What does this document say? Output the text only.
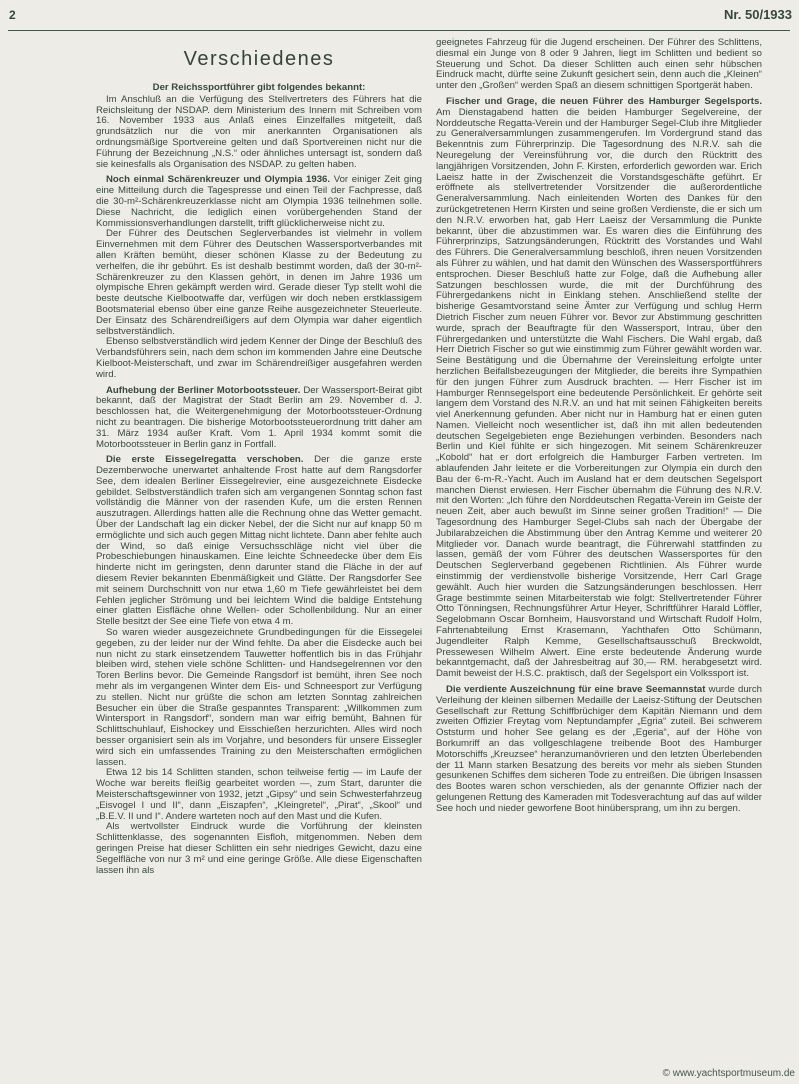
2	Nr. 50/1933
Verschiedenes

Der Reichssportführer gibt folgendes bekannt:

Im Anschluß an die Verfügung des Stellvertreters des Führers hat die Reichsleitung der NSDAP. dem Ministerium des Innern mit Schreiben vom 16. November 1933 aus Anlaß eines Einzelfalles mitgeteilt, daß grundsätzlich nur die von mir anerkannten Organisationen als ordnungsmäßige Sportvereine gelten und daß Sportvereinen nicht nur die Führung der Bezeichnung „N.S.“ oder ähnliches untersagt ist, sondern daß sie keinesfalls als Organisation des NSDAP. zu gelten haben.

Noch einmal Schärenkreuzer und Olympia 1936. Vor einiger Zeit ging eine Mitteilung durch die Tagespresse und einen Teil der Fachpresse, daß die 30-m²-Schärenkreuzerklasse nicht am Olympia 1936 teilnehmen solle. Diese Nachricht, die lediglich einen vorübergehenden Stand der Kommissionsverhandlungen darstellt, trifft glücklicherweise nicht zu.

Der Führer des Deutschen Seglerverbandes ist vielmehr in vollem Einvernehmen mit dem Führer des Deutschen Wassersportverbandes mit allen Kräften bemüht, dieser schönen Klasse zu der Bedeutung zu verhelfen, die ihr gebührt. Es ist deshalb bestimmt worden, daß der 30-m²-Schärenkreuzer zu den Klassen gehört, in denen im Jahre 1936 um olympische Ehren gekämpft werden wird. Gerade dieser Typ stellt wohl die beste deutsche Kielbootwaffe dar, verfügen wir doch neben erstklassigem Bootsmaterial ebenso über eine ganze Reihe ausgezeichneter Steuerleute. Der Einsatz des Schärendreißigers auf dem Olympia war daher eigentlich selbstverständlich.

Ebenso selbstverständlich wird jedem Kenner der Dinge der Beschluß des Verbandsführers sein, nach dem schon im kommenden Jahre eine Deutsche Kielboot-Meisterschaft, und zwar im Schärendreißiger ausgefahren werden wird.

Aufhebung der Berliner Motorbootssteuer. Der Wassersport-Beirat gibt bekannt, daß der Magistrat der Stadt Berlin am 29. November d. J. beschlossen hat, die Weitergenehmigung der Motorbootssteuer-Ordnung nicht zu beantragen. Die bisherige Motorbootssteuerordnung tritt daher am 31. März 1934 außer Kraft. Vom 1. April 1934 kommt somit die Motorbootssteuer in Berlin ganz in Fortfall.

Die erste Eissegelregatta verschoben. Der die ganze erste Dezemberwoche unerwartet anhaltende Frost hatte auf dem Rangsdorfer See, dem idealen Berliner Eissegelrevier, eine ausgezeichnete Eisdecke gebildet. Selbstverständlich trafen sich am vergangenen Sonntag schon fast vollständig die Männer von der rasenden Kufe, um die ersten Rennen auszutragen. Allerdings hatten alle die Rechnung ohne das Wetter gemacht. Über der Landschaft lag ein dicker Nebel, der die Sicht nur auf knapp 50 m ermöglichte und sich auch gegen Mittag nicht lichtete. Dann aber fehlte auch der Wind, so daß einige Versuchsschläge nicht viel über die Probeschiebungen hinauskamen. Eine leichte Schneedecke über dem Eis hinderte nicht im geringsten, denn darunter stand die Fläche in der auf diesem Revier bekannten Ebenmäßigkeit und Glätte. Der Rangsdorfer See mit seinem Durchschnitt von nur etwa 1,60 m Tiefe gewährleistet bei dem Fehlen jeglicher Strömung und bei leichtem Wind die baldige Entstehung einer glatten Eisfläche ohne Wellen- oder Schollenbildung. Nur an einer Stelle besitzt der See eine Tiefe von etwa 4 m.

So waren wieder ausgezeichnete Grundbedingungen für die Eissegelei gegeben, zu der leider nur der Wind fehlte. Da aber die Eisdecke auch bei nun nicht zu stark einsetzendem Tauwetter hoffentlich bis in das Frühjahr bleiben wird, stehen viele schöne Schlitten- und Handsegelrennen vor den Toren Berlins bevor. Die Gemeinde Rangsdorf ist bemüht, ihren See noch mehr als im vergangenen Winter dem Eis- und Schneesport zur Verfügung zu stellen. Nicht nur grüßte die schon am letzten Sonntag zahlreichen Besucher ein über die Straße gespanntes Transparent: „Willkommen zum Wintersport in Rangsdorf“, sondern man war eifrig bemüht, Bahnen für Schlittschuhlauf, Eishockey und Eisschießen herzurichten. Alles wird noch besser organisiert sein als im Vorjahre, und besonders für unsere Eissegler wird sich ein umfassendes Training zu den Meisterschaften ermöglichen lassen.

Etwa 12 bis 14 Schlitten standen, schon teilweise fertig — im Laufe der Woche war bereits fleißig gearbeitet worden —, zum Start, darunter die Meisterschaftsgewinner von 1932, jetzt „Gipsy“ und sein Schwesterfahrzeug „Eisvogel I und II“, dann „Eiszapfen“, „Kleingretel“, „Pirat“, „Skool“ und „B.E.V. II und I“. Andere warteten noch auf den Mast und die Kufen.

Als wertvollster Eindruck wurde die Vorführung der kleinsten Schlittenklasse, des sogenannten Eisfloh, mitgenommen. Neben dem geringen Preise hat dieser Schlitten ein sehr niedriges Gewicht, dazu eine Segelfläche von nur 3 m² und eine geringe Größe. Alle diese Eigenschaften lassen ihn als

geeignetes Fahrzeug für die Jugend erscheinen. Der Führer des Schlittens, diesmal ein Junge von 8 oder 9 Jahren, liegt im Schlitten und bedient so Steuerung und Schot. Da dieser Schlitten auch einen sehr hübschen Eindruck macht, dürfte seine Zukunft gesichert sein, denn auch die „Kleinen“ unter den „Großen“ werden Spaß an diesem schnittigen Sportgerät haben.

Fischer und Grage, die neuen Führer des Hamburger Segelsports. Am Dienstagabend hatten die beiden Hamburger Segelvereine, der Norddeutsche Regatta-Verein und der Hamburger Segel-Club ihre Mitglieder zu Generalversammlungen zusammengerufen. Im Vordergrund stand das Bekenntnis zum Führerprinzip. Die Tagesordnung des N.R.V. sah die Neuregelung der Vereinsführung vor, die durch den Rücktritt des langjährigen Vorsitzenden, John F. Kirsten, erforderlich geworden war. Erich Laeisz hatte in der Zwischenzeit die Vorstandsgeschäfte geführt. Er eröffnete als stellvertretender Vorsitzender die außerordentliche Generalversammlung. Nach einleitenden Worten des Dankes für den zurückgetretenen Herrn Kirsten und seine großen Verdienste, die er sich um den N.R.V. erworben hat, gab Herr Laeisz der Versammlung die Punkte bekannt, über die abzustimmen war. Es waren dies die Einführung des Führerprinzips, Satzungsänderungen, Rücktritt des Vorstandes und Wahl des Führers. Die Generalversammlung beschloß, ihren neuen Vorsitzenden als Führer zu wählen, und hat damit den Wünschen des Wassersportführers entsprochen. Dieser Beschluß hatte zur Folge, daß die Aufhebung aller Satzungen beschlossen wurde, die mit der Durchführung des Führergedankens nicht in Einklang stehen. Anschließend stellte der bisherige Gesamtvorstand seine Ämter zur Verfügung und schlug Herrn Dietrich Fischer zum neuen Führer vor. Bevor zur Abstimmung geschritten wurde, sprach der Beauftragte für den Wassersport, Intrau, über den Führergedanken und unterstützte die Wahl Fischers. Die Wahl ergab, daß Herr Dietrich Fischer so gut wie einstimmig zum Führer gewählt worden war. Seine Bestätigung und die Übernahme der Vereinsleitung erfolgte unter herzlichen Beifallsbezeugungen der Mitglieder, die bereits ihre Sympathien für den jungen Führer zum Ausdruck brachten. — Herr Fischer ist im Hamburger Rennsegelsport eine bedeutende Persönlichkeit. Er gehörte seit langem dem Vorstand des N.R.V. an und hat mit seinen Fähigkeiten bereits viel Anerkennung gefunden. Aber nicht nur in Hamburg hat er einen guten Namen. Vielleicht noch wesentlicher ist, daß ihn mit allen bedeutenden deutschen Segelgebieten enge Beziehungen verbinden. Besonders nach Berlin und Kiel fühlte er sich hingezogen. Mit seinem Schärenkreuzer „Kobold“ hat er dort erfolgreich die Hamburger Farben vertreten. Im ablaufenden Jahr leitete er die Vorbereitungen zur Olympia ein durch den Bau der 6-m-R.-Yacht. Auch im Ausland hat er dem deutschen Segelsport manchen Dienst erwiesen. Herr Fischer übernahm die Führung des N.R.V. mit den Worten: „Ich führe den Norddeutschen Regatta-Verein im Geiste der neuen Zeit, aber auch bewußt im Sinne seiner großen Tradition!“ — Die Tagesordnung des Hamburger Segel-Clubs sah nach der Übergabe der Jubilarabzeichen die Abstimmung über den Antrag Kemme und weiterer 20 Mitglieder vor. Danach wurde beantragt, die Führerwahl stattfinden zu lassen, gemäß der vom Führer des deutschen Wassersportes für den Deutschen Seglerverband gegebenen Richtlinien. Als Führer wurde einstimmig der verdienstvolle bisherige Vorsitzende, Herr Carl Grage gewählt. Auch hier wurden die Satzungsänderungen beschlossen. Herr Grage bestimmte seinen Mitarbeiterstab wie folgt: Stellvertretender Führer Otto Tönningsen, Rechnungsführer Artur Heyer, Schriftführer Harald Löffler, Segelobmann Oscar Bornheim, Hausvorstand und Wirtschaft Rudolf Holm, Fahrtenabteilung Ernst Krasemann, Yachthafen Otto Schümann, Jugendleiter Ralph Kemme, Gesellschaftsausschuß Breckwoldt, Pressewesen Wilhelm Alwert. Eine erste bedeutende Änderung wurde bekanntgemacht, daß der Jahresbeitrag auf 30,— RM. herabgesetzt wird. Damit beweist der H.S.C. praktisch, daß der Segelsport ein Volkssport ist.

Die verdiente Auszeichnung für eine brave Seemannstat wurde durch Verleihung der kleinen silbernen Medaille der Laeisz-Stiftung der Deutschen Gesellschaft zur Rettung Schiffbrüchiger dem Kapitän Niemann und dem zweiten Offizier Freytag vom Neptundampfer „Egria“ zuteil. Bei schwerem Oststurm und hoher See gelang es der „Egeria“, auf der Höhe von Borkumriff an das vollgeschlagene treibende Boot des Hamburger Motorschiffs „Kreuzsee“ heranzumanövrieren und den letzten Überlebenden der 11 Mann starken Besatzung des bereits vor mehr als sieben Stunden gesunkenen Schiffes dem sicheren Tode zu entreißen. Die übrigen Insassen des Bootes waren schon verschieden, als der genannte Offizier nach der gelungenen Rettung des Kameraden mit Todesverachtung auf das auf wilder See hoch und nieder geworfene Boot hinübersprang, um ihn zu bergen.

© www.yachtsportmuseum.de
